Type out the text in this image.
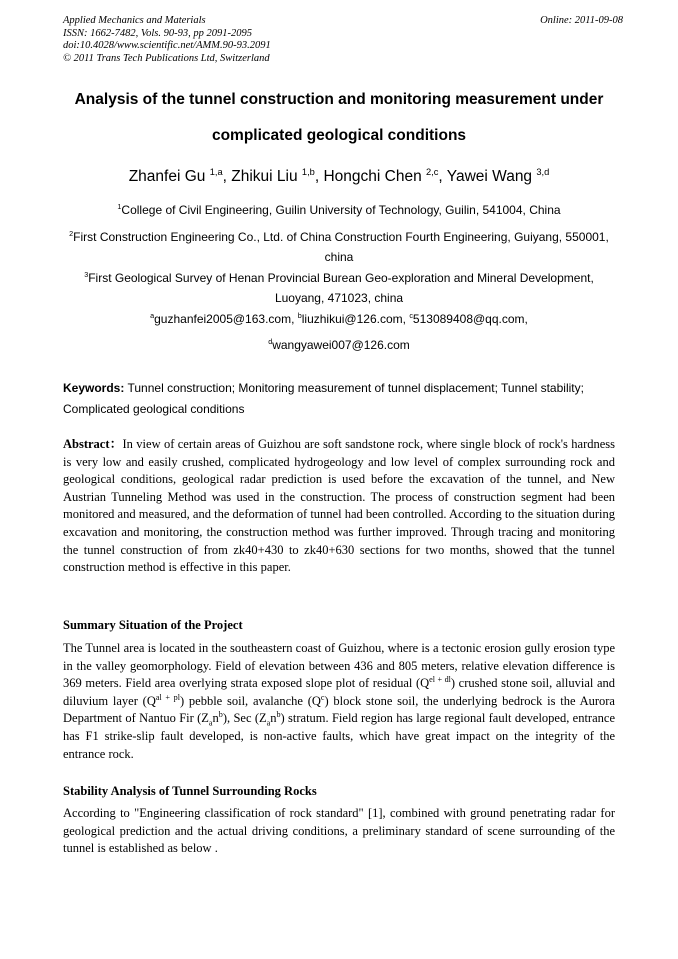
Applied Mechanics and Materials
ISSN: 1662-7482, Vols. 90-93, pp 2091-2095
doi:10.4028/www.scientific.net/AMM.90-93.2091
© 2011 Trans Tech Publications Ltd, Switzerland
Online: 2011-09-08
Analysis of the tunnel construction and monitoring measurement under
complicated geological conditions
Zhanfei Gu $^{1,a}$, Zhikui Liu $^{1,b}$, Hongchi Chen $^{2,c}$, Yawei Wang $^{3,d}$
$^1$College of Civil Engineering, Guilin University of Technology, Guilin, 541004, China
$^2$First Construction Engineering Co., Ltd. of China Construction Fourth Engineering, Guiyang, 550001, china
$^3$First Geological Survey of Henan Provincial Burean Geo-exploration and Mineral Development, Luoyang, 471023, china
$^a$guzhanfei2005@163.com, $^b$liuzhikui@126.com, $^c$513089408@qq.com,
$^d$wangyawei007@126.com
Keywords: Tunnel construction; Monitoring measurement of tunnel displacement; Tunnel stability; Complicated geological conditions
Abstract：In view of certain areas of Guizhou are soft sandstone rock, where single block of rock's hardness is very low and easily crushed, complicated hydrogeology and low level of complex surrounding rock and geological conditions, geological radar prediction is used before the excavation of the tunnel, and New Austrian Tunneling Method was used in the construction. The process of construction segment had been monitored and measured, and the deformation of tunnel had been controlled. According to the situation during excavation and monitoring, the construction method was further improved. Through tracing and monitoring the tunnel construction of from zk40+430 to zk40+630 sections for two months, showed that the tunnel construction method is effective in this paper.
Summary Situation of the Project
The Tunnel area is located in the southeastern coast of Guizhou, where is a tectonic erosion gully erosion type in the valley geomorphology. Field of elevation between 436 and 805 meters, relative elevation difference is 369 meters. Field area overlying strata exposed slope plot of residual $(Q^{el + dl})$ crushed stone soil, alluvial and diluvium layer $(Q^{al + pl})$ pebble soil, avalanche $(Q^c)$ block stone soil, the underlying bedrock is the Aurora Department of Nantuo Fir $(Z_an^b)$, Sec $(Z_an^b)$ stratum. Field region has large regional fault developed, entrance has F1 strike-slip fault developed, is non-active faults, which have great impact on the integrity of the entrance rock.
Stability Analysis of Tunnel Surrounding Rocks
According to "Engineering classification of rock standard" [1], combined with ground penetrating radar for geological prediction and the actual driving conditions, a preliminary standard of scene surrounding of the tunnel is established as below .
